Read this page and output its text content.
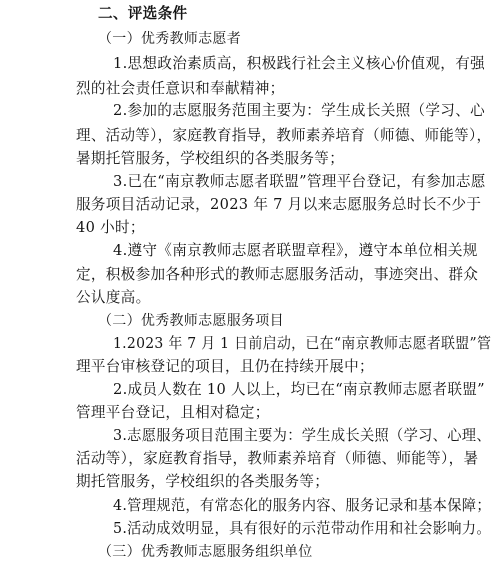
二、评选条件
（一）优秀教师志愿者
1.思想政治素质高，积极践行社会主义核心价值观，有强
烈的社会责任意识和奉献精神；
2.参加的志愿服务范围主要为：学生成长关照（学习、心
理、活动等），家庭教育指导，教师素养培育（师德、师能等），
暑期托管服务，学校组织的各类服务等；
3.已在“南京教师志愿者联盟”管理平台登记，有参加志愿
服务项目活动记录，2023 年 7 月以来志愿服务总时长不少于
40 小时；
4.遵守《南京教师志愿者联盟章程》，遵守本单位相关规
定，积极参加各种形式的教师志愿服务活动，事迹突出、群众
公认度高。
（二）优秀教师志愿服务项目
1.2023 年 7 月 1 日前启动，已在“南京教师志愿者联盟”管
理平台审核登记的项目，且仍在持续开展中；
2.成员人数在 10 人以上，均已在“南京教师志愿者联盟”
管理平台登记，且相对稳定；
3.志愿服务项目范围主要为：学生成长关照（学习、心理、
活动等），家庭教育指导，教师素养培育（师德、师能等），暑
期托管服务，学校组织的各类服务等；
4.管理规范，有常态化的服务内容、服务记录和基本保障；
5.活动成效明显，具有很好的示范带动作用和社会影响力。
（三）优秀教师志愿服务组织单位
